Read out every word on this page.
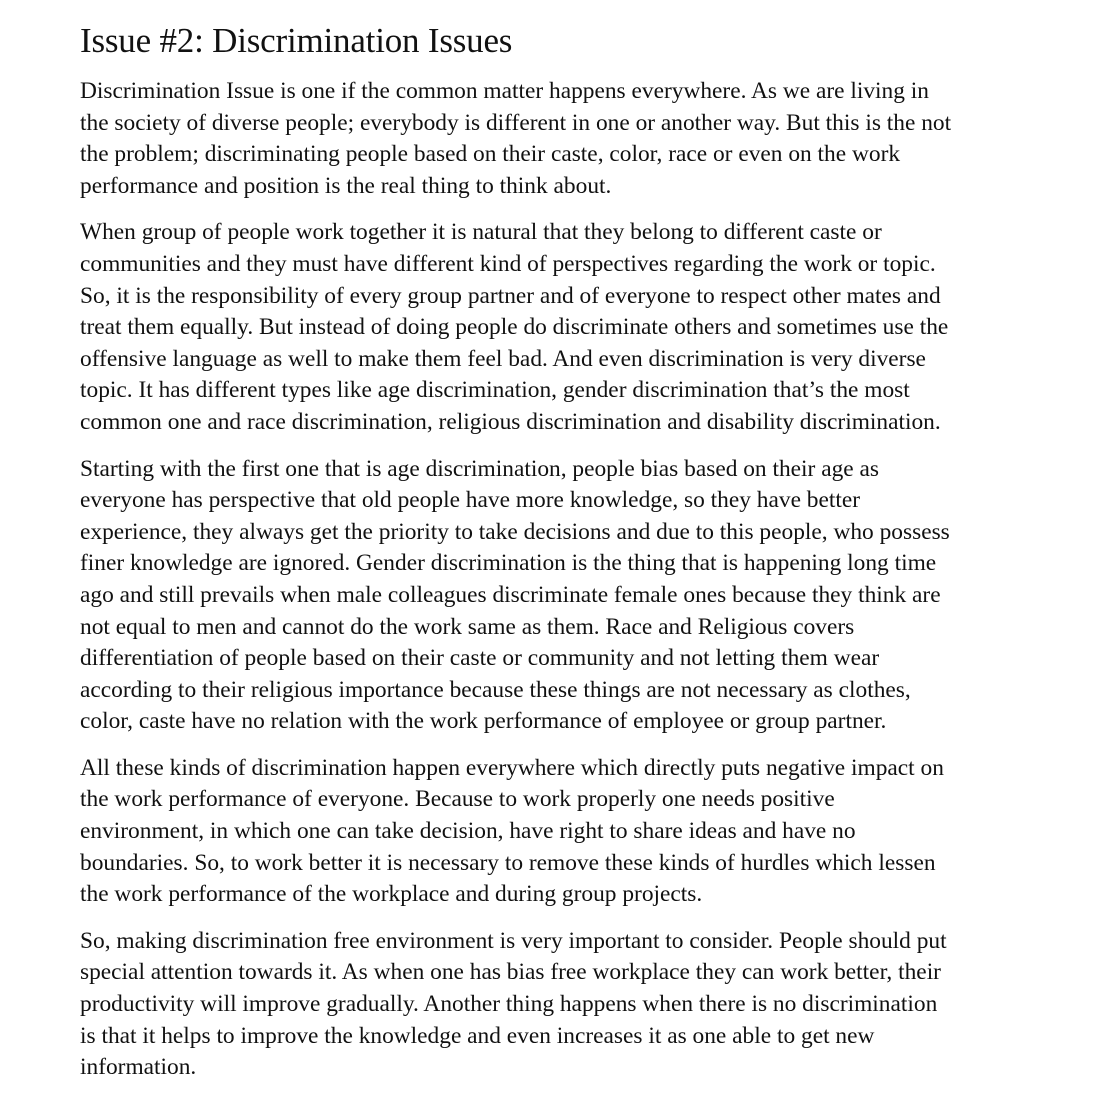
Issue #2: Discrimination Issues
Discrimination Issue is one if the common matter happens everywhere. As we are living in
the society of diverse people; everybody is different in one or another way. But this is the not
the problem; discriminating people based on their caste, color, race or even on the work
performance and position is the real thing to think about.
When group of people work together it is natural that they belong to different caste or
communities and they must have different kind of perspectives regarding the work or topic.
So, it is the responsibility of every group partner and of everyone to respect other mates and
treat them equally. But instead of doing people do discriminate others and sometimes use the
offensive language as well to make them feel bad. And even discrimination is very diverse
topic. It has different types like age discrimination, gender discrimination that’s the most
common one and race discrimination, religious discrimination and disability discrimination.
Starting with the first one that is age discrimination, people bias based on their age as
everyone has perspective that old people have more knowledge, so they have better
experience, they always get the priority to take decisions and due to this people, who possess
finer knowledge are ignored. Gender discrimination is the thing that is happening long time
ago and still prevails when male colleagues discriminate female ones because they think are
not equal to men and cannot do the work same as them. Race and Religious covers
differentiation of people based on their caste or community and not letting them wear
according to their religious importance because these things are not necessary as clothes,
color, caste have no relation with the work performance of employee or group partner.
All these kinds of discrimination happen everywhere which directly puts negative impact on
the work performance of everyone. Because to work properly one needs positive
environment, in which one can take decision, have right to share ideas and have no
boundaries. So, to work better it is necessary to remove these kinds of hurdles which lessen
the work performance of the workplace and during group projects.
So, making discrimination free environment is very important to consider. People should put
special attention towards it. As when one has bias free workplace they can work better, their
productivity will improve gradually. Another thing happens when there is no discrimination
is that it helps to improve the knowledge and even increases it as one able to get new
information.
